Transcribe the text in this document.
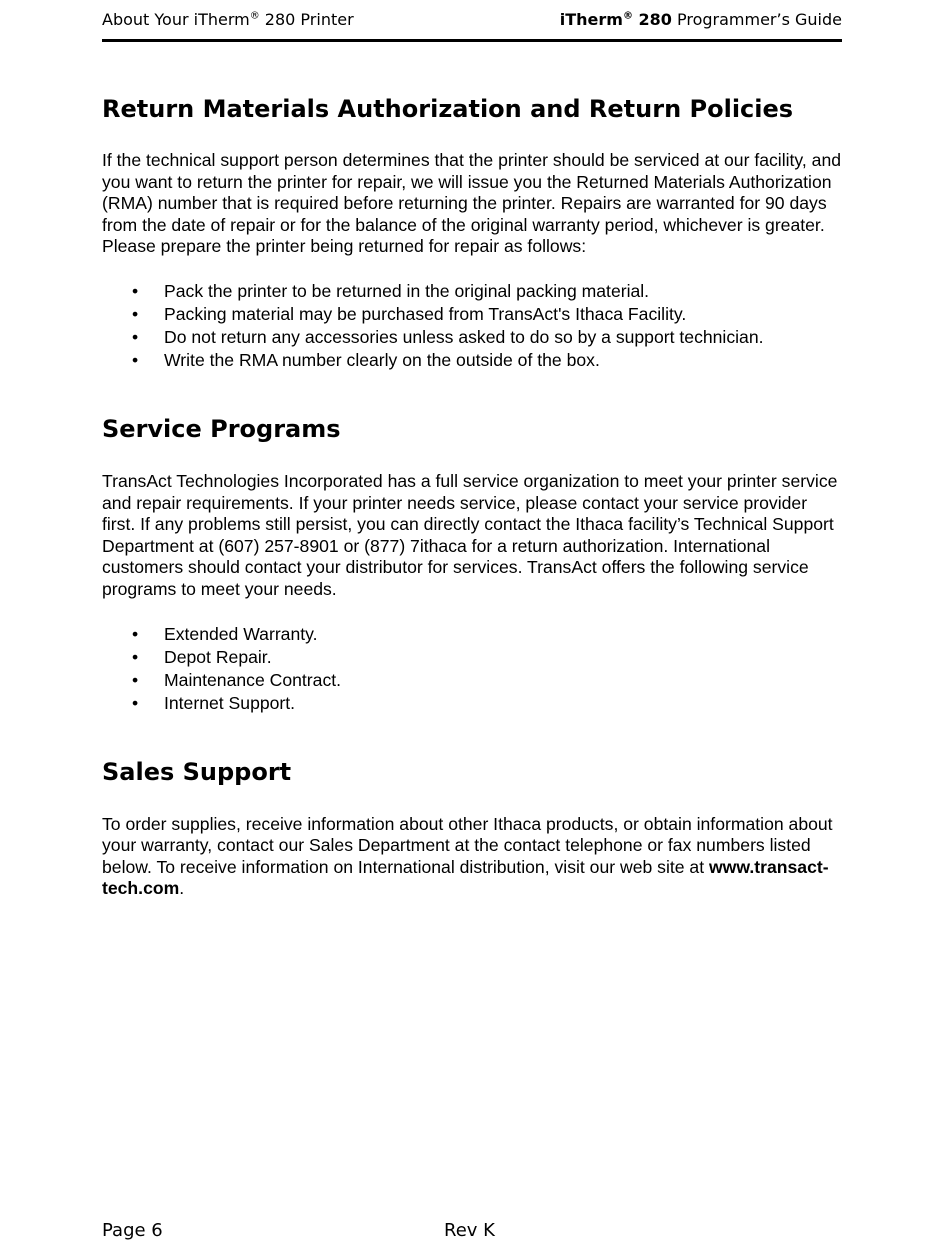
About Your iTherm® 280 Printer	iTherm® 280 Programmer’s Guide
Return Materials Authorization and Return Policies

If the technical support person determines that the printer should be serviced at our facility, and you want to return the printer for repair, we will issue you the Returned Materials Authorization (RMA) number that is required before returning the printer. Repairs are warranted for 90 days from the date of repair or for the balance of the original warranty period, whichever is greater. Please prepare the printer being returned for repair as follows:

• Pack the printer to be returned in the original packing material.
• Packing material may be purchased from TransAct's Ithaca Facility.
• Do not return any accessories unless asked to do so by a support technician.
• Write the RMA number clearly on the outside of the box.
Service Programs

TransAct Technologies Incorporated has a full service organization to meet your printer service and repair requirements. If your printer needs service, please contact your service provider first. If any problems still persist, you can directly contact the Ithaca facility’s Technical Support Department at (607) 257-8901 or (877) 7ithaca for a return authorization. International customers should contact your distributor for services. TransAct offers the following service programs to meet your needs.

• Extended Warranty.
• Depot Repair.
• Maintenance Contract.
• Internet Support.
Sales Support

To order supplies, receive information about other Ithaca products, or obtain information about your warranty, contact our Sales Department at the contact telephone or fax numbers listed below. To receive information on International distribution, visit our web site at www.transact-tech.com.

Page 6	Rev K
